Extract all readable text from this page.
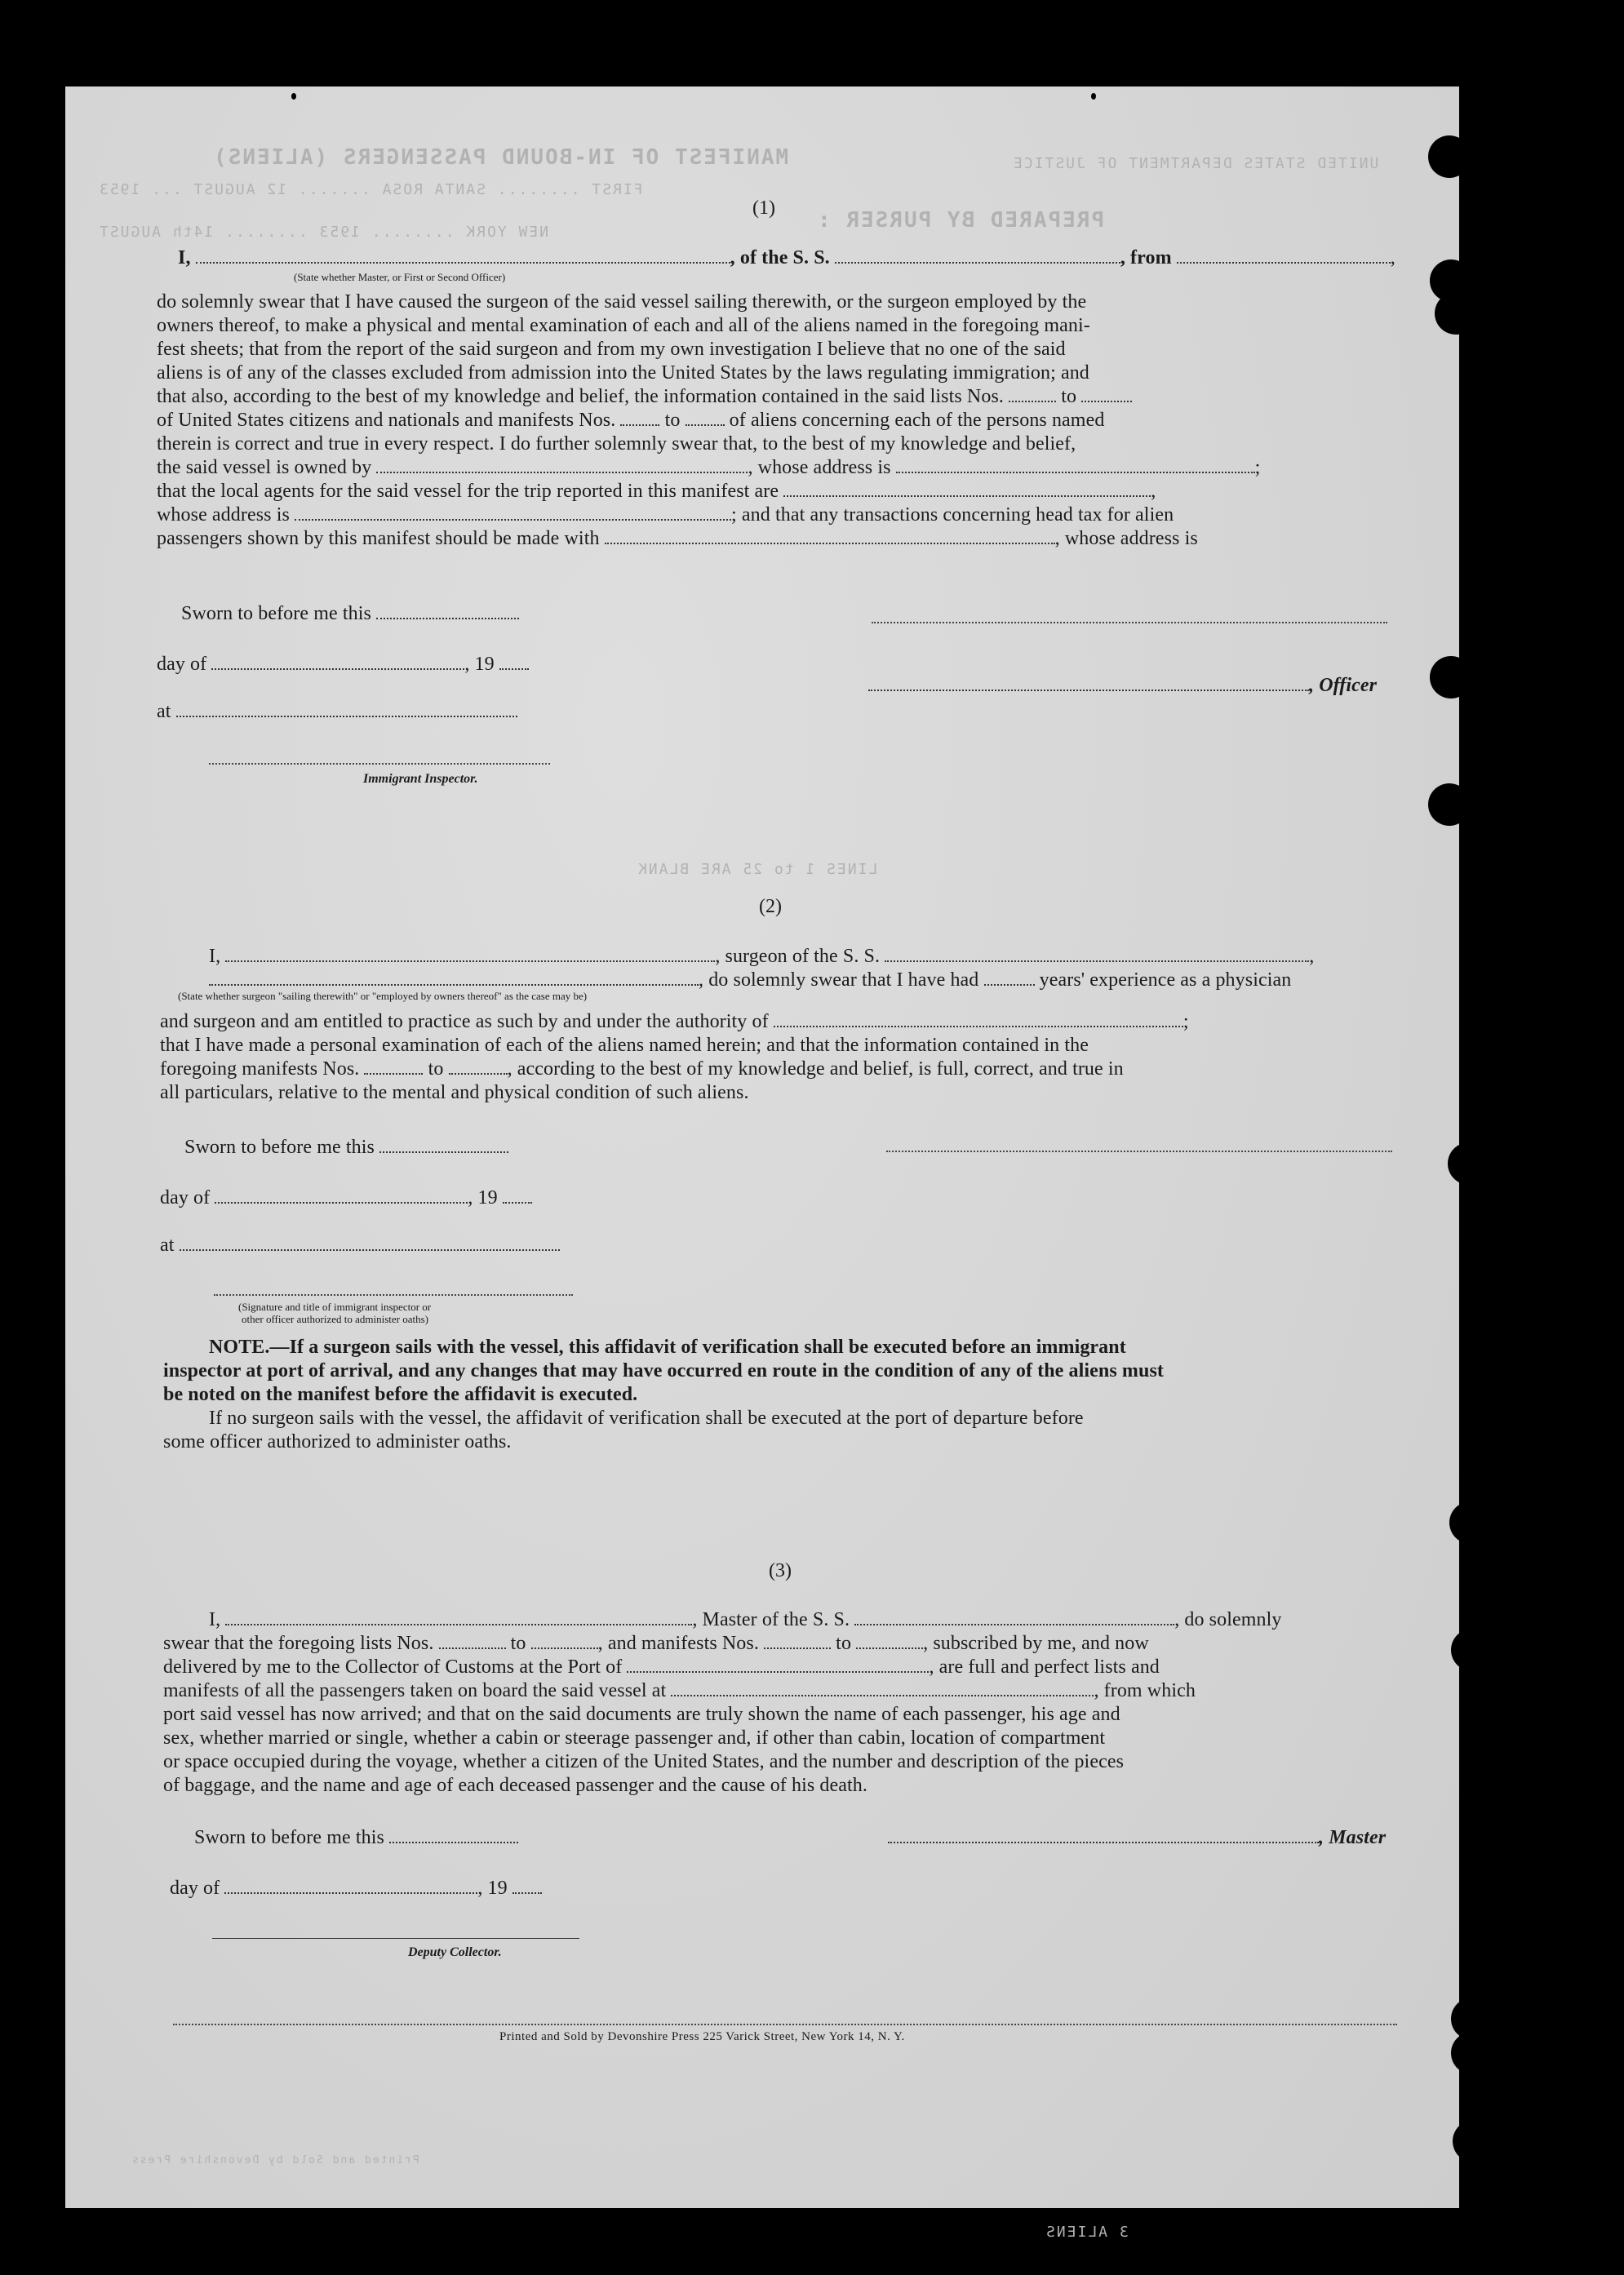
MANIFEST OF IN-BOUND PASSENGERS (ALIENS)
FIRST ........ SANTA ROSA ....... 12 AUGUST ... 1953
NEW YORK ........ 1953 ........ 14th AUGUST
UNITED STATES DEPARTMENT OF JUSTICE
PREPARED BY PURSER :
LINES 1 to 25 ARE BLANK
3 ALIENS
Printed and Sold by Devonshire Press
(1)
I,	, of the S. S.	, from	,
(State whether Master, or First or Second Officer)
do solemnly swear that I have caused the surgeon of the said vessel sailing therewith, or the surgeon employed by the
owners thereof, to make a physical and mental examination of each and all of the aliens named in the foregoing mani-
fest sheets; that from the report of the said surgeon and from my own investigation I believe that no one of the said
aliens is of any of the classes excluded from admission into the United States by the laws regulating immigration; and
that also, according to the best of my knowledge and belief, the information contained in the said lists Nos.	to
of United States citizens and nationals and manifests Nos.	to	of aliens concerning each of the persons named
therein is correct and true in every respect. I do further solemnly swear that, to the best of my knowledge and belief,
the said vessel is owned by	, whose address is	;
that the local agents for the said vessel for the trip reported in this manifest are	,
whose address is	; and that any transactions concerning head tax for alien
passengers shown by this manifest should be made with	, whose address is
Sworn to before me this
day of	, 19
, Officer
at
Immigrant Inspector.
(2)
I,	, surgeon of the S. S.	,
, do solemnly swear that I have had	years' experience as a physician
(State whether surgeon "sailing therewith" or "employed by owners thereof" as the case may be)
and surgeon and am entitled to practice as such by and under the authority of	;
that I have made a personal examination of each of the aliens named herein; and that the information contained in the
foregoing manifests Nos.	to	, according to the best of my knowledge and belief, is full, correct, and true in
all particulars, relative to the mental and physical condition of such aliens.
Sworn to before me this
day of	, 19
at
(Signature and title of immigrant inspector or
other officer authorized to administer oaths)
NOTE.—If a surgeon sails with the vessel, this affidavit of verification shall be executed before an immigrant
inspector at port of arrival, and any changes that may have occurred en route in the condition of any of the aliens must
be noted on the manifest before the affidavit is executed.
If no surgeon sails with the vessel, the affidavit of verification shall be executed at the port of departure before
some officer authorized to administer oaths.
(3)
I,	, Master of the S. S.	, do solemnly
swear that the foregoing lists Nos.	to	, and manifests Nos.	to	, subscribed by me, and now
delivered by me to the Collector of Customs at the Port of	, are full and perfect lists and
manifests of all the passengers taken on board the said vessel at	, from which
port said vessel has now arrived; and that on the said documents are truly shown the name of each passenger, his age and
sex, whether married or single, whether a cabin or steerage passenger and, if other than cabin, location of compartment
or space occupied during the voyage, whether a citizen of the United States, and the number and description of the pieces
of baggage, and the name and age of each deceased passenger and the cause of his death.
Sworn to before me this	, Master
day of	, 19
Deputy Collector.
Printed and Sold by Devonshire Press 225 Varick Street, New York 14, N. Y.
